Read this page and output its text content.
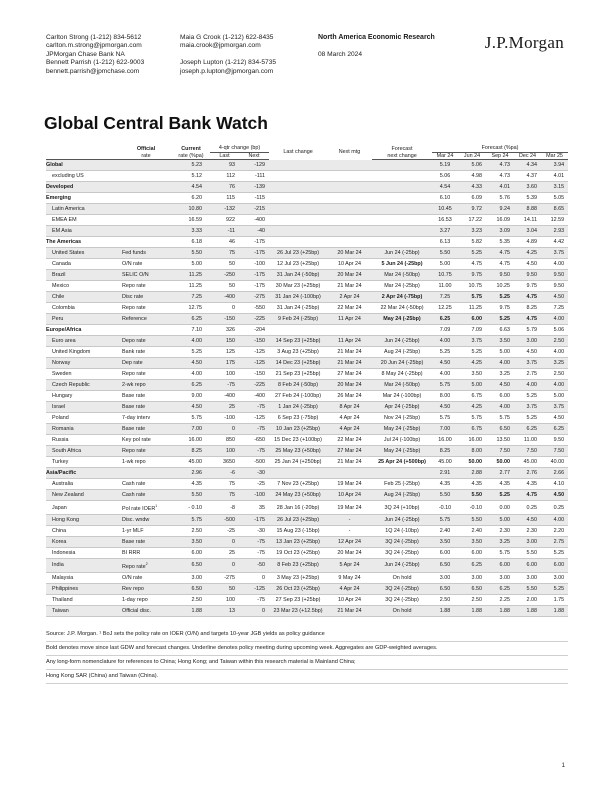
Carlton Strong (1-212) 834-5612
carlton.m.strong@jpmorgan.com
JPMorgan Chase Bank NA
Bennett Parrish (1-212) 622-9003
bennett.parrish@jpmchase.com
Maia G Crook (1-212) 622-8435
maia.crook@jpmorgan.com
Joseph Lupton (1-212) 834-5735
joseph.p.lupton@jpmorgan.com
North America Economic Research
08 March 2024
J.P.Morgan
Global Central Bank Watch
	Official	Current	4-qtr change (bp)		Last change	Next mtg	Forecast	Forecast (%pa)				

	rate	rate (%pa)	Last	Next			next change	Mar 24	Jun 24	Sep 24	Dec 24	Mar 25
Global		5.23	93	-129				5.19	5.06	4.73	4.34	3.94
excluding US		5.12	112	-111				5.06	4.98	4.73	4.37	4.01
Developed		4.54	76	-139				4.54	4.33	4.01	3.60	3.15
Emerging		6.20	115	-115				6.10	6.09	5.76	5.39	5.05
Latin America		10.80	-132	-215				10.45	9.72	9.24	8.88	8.65
EMEA EM		16.59	922	-400				16.53	17.22	16.09	14.11	12.59
EM Asia		3.33	-11	-40				3.27	3.23	3.09	3.04	2.93
The Americas		6.18	46	-175				6.13	5.82	5.35	4.89	4.42
United States	Fed funds	5.50	75	-175	26 Jul 23 (+25bp)	20 Mar 24	Jun 24 (-25bp)	5.50	5.25	4.75	4.25	3.75
Canada	O/N rate	5.00	50	-100	12 Jul 23 (+25bp)	10 Apr 24	5 Jun 24 (-25bp)	5.00	4.75	4.75	4.50	4.00
Brazil	SELIC O/N	11.25	-250	-175	31 Jan 24 (-50bp)	20 Mar 24	Mar 24 (-50bp)	10.75	9.75	9.50	9.50	9.50
Mexico	Repo rate	11.25	50	-175	30 Mar 23 (+25bp)	21 Mar 24	Mar 24 (-25bp)	11.00	10.75	10.25	9.75	9.50
Chile	Disc rate	7.25	-400	-275	31 Jan 24 (-100bp)	2 Apr 24	2 Apr 24 (-75bp)	7.25	5.75	5.25	4.75	4.50
Colombia	Repo rate	12.75	0	-550	31 Jan 24 (-25bp)	22 Mar 24	22 Mar 24 (-50bp)	12.25	11.25	9.75	8.25	7.25
Peru	Reference	6.25	-150	-225	9 Feb 24 (-25bp)	11 Apr 24	May 24 (-25bp)	6.25	6.00	5.25	4.75	4.00
Europe/Africa		7.10	326	-204				7.09	7.09	6.63	5.79	5.06
Euro area	Depo rate	4.00	150	-150	14 Sep 23 (+25bp)	11 Apr 24	Jun 24 (-25bp)	4.00	3.75	3.50	3.00	2.50
United Kingdom	Bank rate	5.25	125	-125	3 Aug 23 (+25bp)	21 Mar 24	Aug 24 (-25bp)	5.25	5.25	5.00	4.50	4.00
Norway	Dep rate	4.50	175	-125	14 Dec 23 (+25bp)	21 Mar 24	20 Jun 24 (-25bp)	4.50	4.25	4.00	3.75	3.25
Sweden	Repo rate	4.00	100	-150	21 Sep 23 (+25bp)	27 Mar 24	8 May 24 (-25bp)	4.00	3.50	3.25	2.75	2.50
Czech Republic	2-wk repo	6.25	-75	-225	8 Feb 24 (-50bp)	20 Mar 24	Mar 24 (-50bp)	5.75	5.00	4.50	4.00	4.00
Hungary	Base rate	9.00	-400	-400	27 Feb 24 (-100bp)	26 Mar 24	Mar 24 (-100bp)	8.00	6.75	6.00	5.25	5.00
Israel	Base rate	4.50	25	-75	1 Jan 24 (-25bp)	8 Apr 24	Apr 24 (-25bp)	4.50	4.25	4.00	3.75	3.75
Poland	7-day interv	5.75	-100	-125	6 Sep 23 (-75bp)	4 Apr 24	Nov 24 (-25bp)	5.75	5.75	5.75	5.25	4.50
Romania	Base rate	7.00	0	-75	10 Jan 23 (+25bp)	4 Apr 24	May 24 (-25bp)	7.00	6.75	6.50	6.25	6.25
Russia	Key pol rate	16.00	850	-650	15 Dec 23 (+100bp)	22 Mar 24	Jul 24 (-100bp)	16.00	16.00	13.50	11.00	9.50
South Africa	Repo rate	8.25	100	-75	25 May 23 (+50bp)	27 Mar 24	May 24 (-25bp)	8.25	8.00	7.50	7.50	7.50
Turkey	1-wk repo	45.00	3650	-500	25 Jan 24 (+250bp)	21 Mar 24	25 Apr 24 (+500bp)	45.00	50.00	50.00	45.00	40.00
Asia/Pacific		2.96	-6	-30				2.91	2.88	2.77	2.76	2.66
Australia	Cash rate	4.35	75	-25	7 Nov 23 (+25bp)	19 Mar 24	Feb 25 (-25bp)	4.35	4.35	4.35	4.35	4.10
New Zealand	Cash rate	5.50	75	-100	24 May 23 (+50bp)	10 Apr 24	Aug 24 (-25bp)	5.50	5.50	5.25	4.75	4.50
Japan	Pol rate IOER$^1$	- 0.10	-8	35	28 Jan 16 (-20bp)	19 Mar 24	3Q 24 (+10bp)	-0.10	-0.10	0.00	0.25	0.25
Hong Kong	Disc. wndw	5.75	-500	-175	26 Jul 23 (+25bp)	-	Jun 24 (-25bp)	5.75	5.50	5.00	4.50	4.00
China	1-yr MLF	2.50	-25	-30	15 Aug 23 (-15bp)	-	1Q 24 (-10bp)	2.40	2.40	2.30	2.30	2.20
Korea	Base rate	3.50	0	-75	13 Jan 23 (+25bp)	12 Apr 24	3Q 24 (-25bp)	3.50	3.50	3.25	3.00	2.75
Indonesia	BI RRR	6.00	25	-75	19 Oct 23 (+25bp)	20 Mar 24	3Q 24 (-25bp)	6.00	6.00	5.75	5.50	5.25
India	Repo rate$^2$	6.50	0	-50	8 Feb 23 (+25bp)	5 Apr 24	Jun 24 (-25bp)	6.50	6.25	6.00	6.00	6.00
Malaysia	O/N rate	3.00	-275	0	3 May 23 (+25bp)	9 May 24	On hold	3.00	3.00	3.00	3.00	3.00
Philippines	Rev repo	6.50	50	-125	26 Oct 23 (+25bp)	4 Apr 24	3Q 24 (-25bp)	6.50	6.50	6.25	5.50	5.25
Thailand	1-day repo	2.50	100	-75	27 Sep 23 (+25bp)	10 Apr 24	3Q 24 (-25bp)	2.50	2.50	2.25	2.00	1.75
Taiwan	Official disc.	1.88	13	0	23 Mar 23 (+12.5bp)	21 Mar 24	On hold	1.88	1.88	1.88	1.88	1.88
Source: J.P. Morgan. ¹ BoJ sets the policy rate on IOER (O/N) and targets 10-year JGB yields as policy guidance
Bold denotes move since last GDW and forecast changes. Underline denotes policy meeting during upcoming week. Aggregates are GDP-weighted averages.
Any long-form nomenclature for references to China; Hong Kong; and Taiwan within this research material is Mainland China;
Hong Kong SAR (China) and Taiwan (China).
1
